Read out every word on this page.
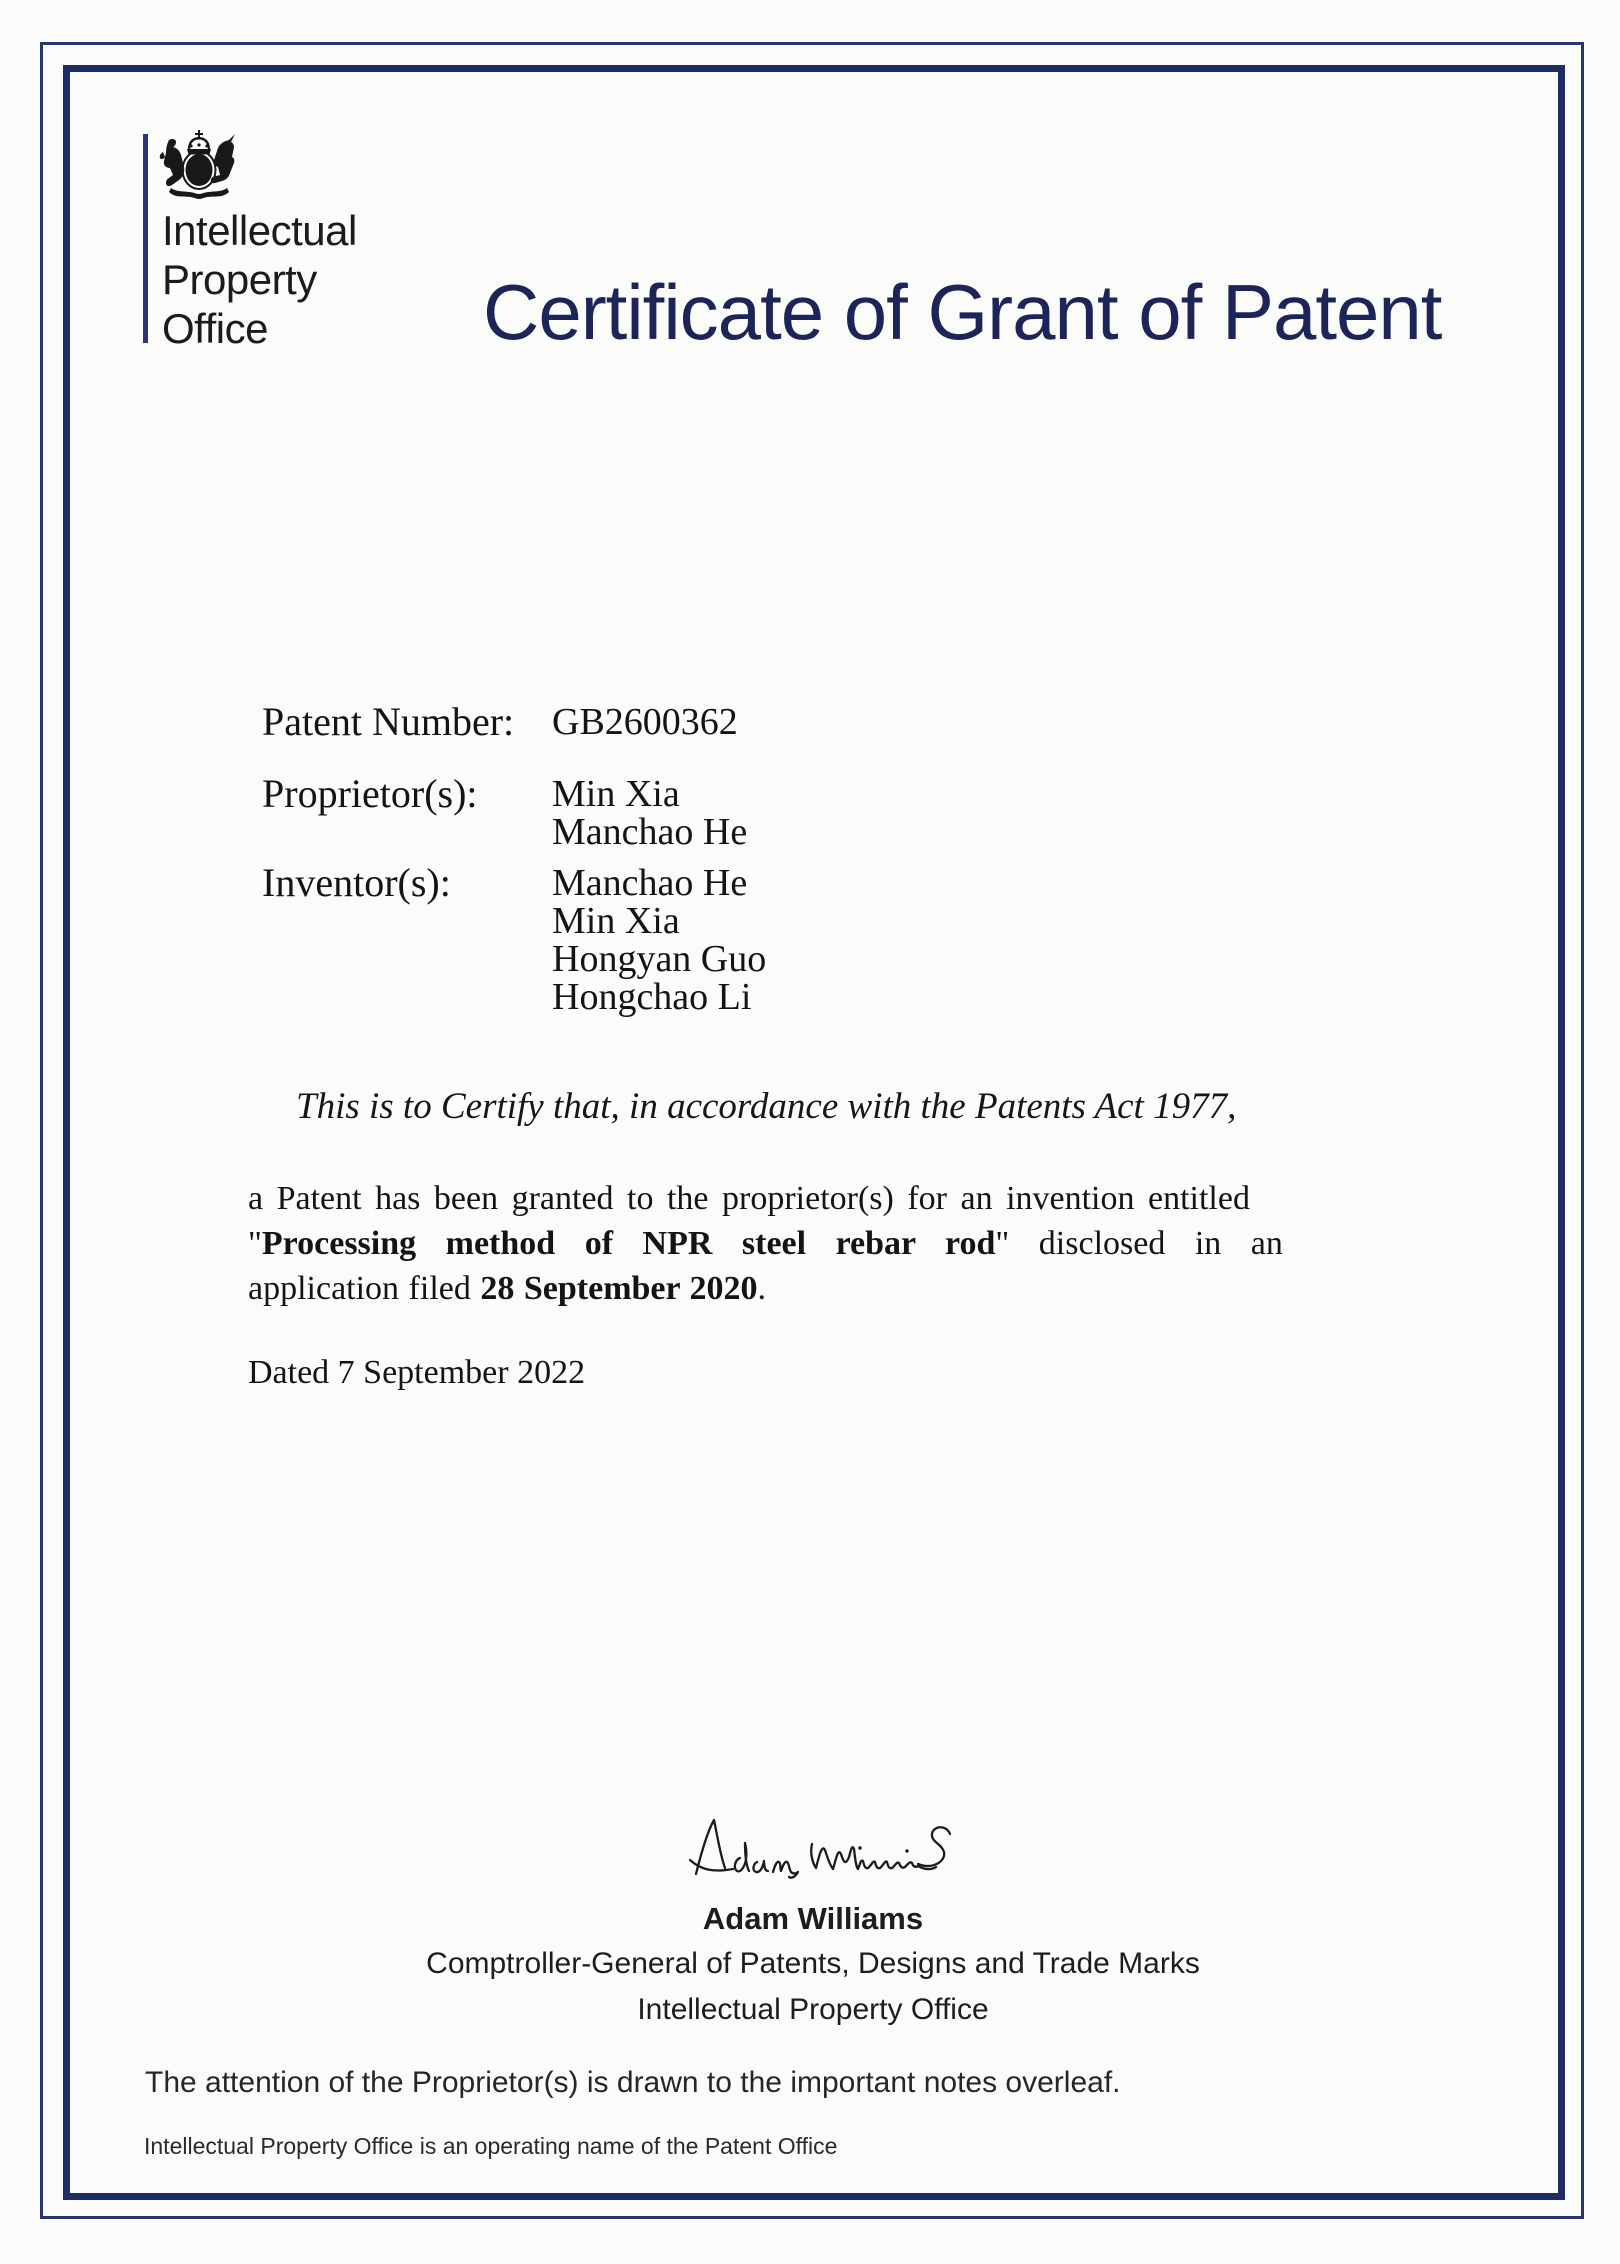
Intellectual
Property
Office	Certificate of Grant of Patent
Patent Number: GB2600362
Proprietor(s):	Min Xia
Manchao He
Inventor(s):	Manchao He
Min Xia
Hongyan Guo
Hongchao Li
This is to Certify that, in accordance with the Patents Act 1977,
a Patent has been granted to the proprietor(s) for an invention entitled
"Processing method of NPR steel rebar rod" disclosed in an
application filed 28 September 2020.
Dated 7 September 2022
Adam Williams
Comptroller-General of Patents, Designs and Trade Marks
Intellectual Property Office
The attention of the Proprietor(s) is drawn to the important notes overleaf.
Intellectual Property Office is an operating name of the Patent Office
